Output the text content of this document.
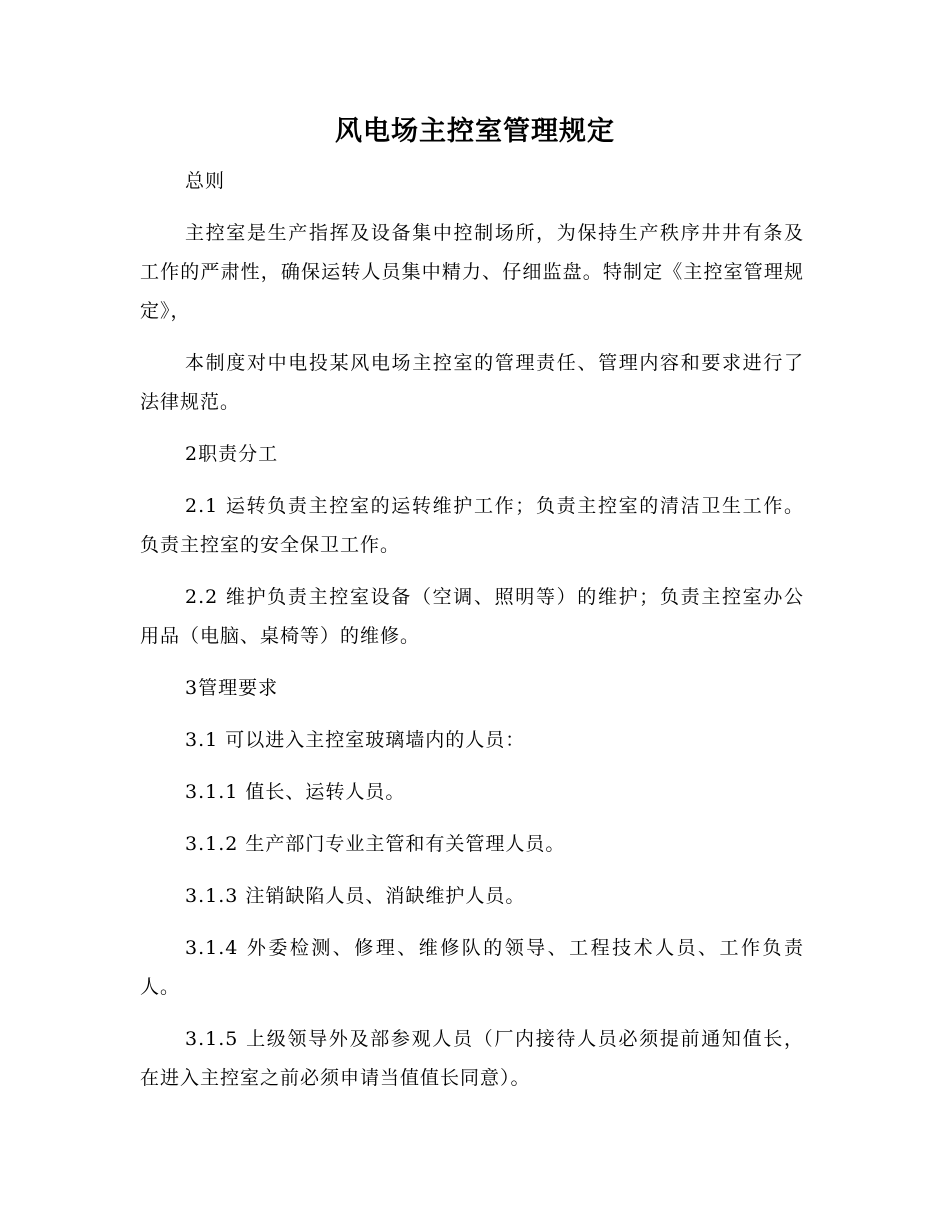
风电场主控室管理规定

总则

主控室是生产指挥及设备集中控制场所，为保持生产秩序井井有条及工作的严肃性，确保运转人员集中精力、仔细监盘。特制定《主控室管理规定》，

本制度对中电投某风电场主控室的管理责任、管理内容和要求进行了法律规范。

2职责分工

2.1 运转负责主控室的运转维护工作；负责主控室的清洁卫生工作。负责主控室的安全保卫工作。

2.2 维护负责主控室设备（空调、照明等）的维护；负责主控室办公用品（电脑、桌椅等）的维修。

3管理要求

3.1 可以进入主控室玻璃墙内的人员：

3.1.1 值长、运转人员。

3.1.2 生产部门专业主管和有关管理人员。

3.1.3 注销缺陷人员、消缺维护人员。

3.1.4 外委检测、修理、维修队的领导、工程技术人员、工作负责人。

3.1.5 上级领导外及部参观人员（厂内接待人员必须提前通知值长，在进入主控室之前必须申请当值值长同意）。
